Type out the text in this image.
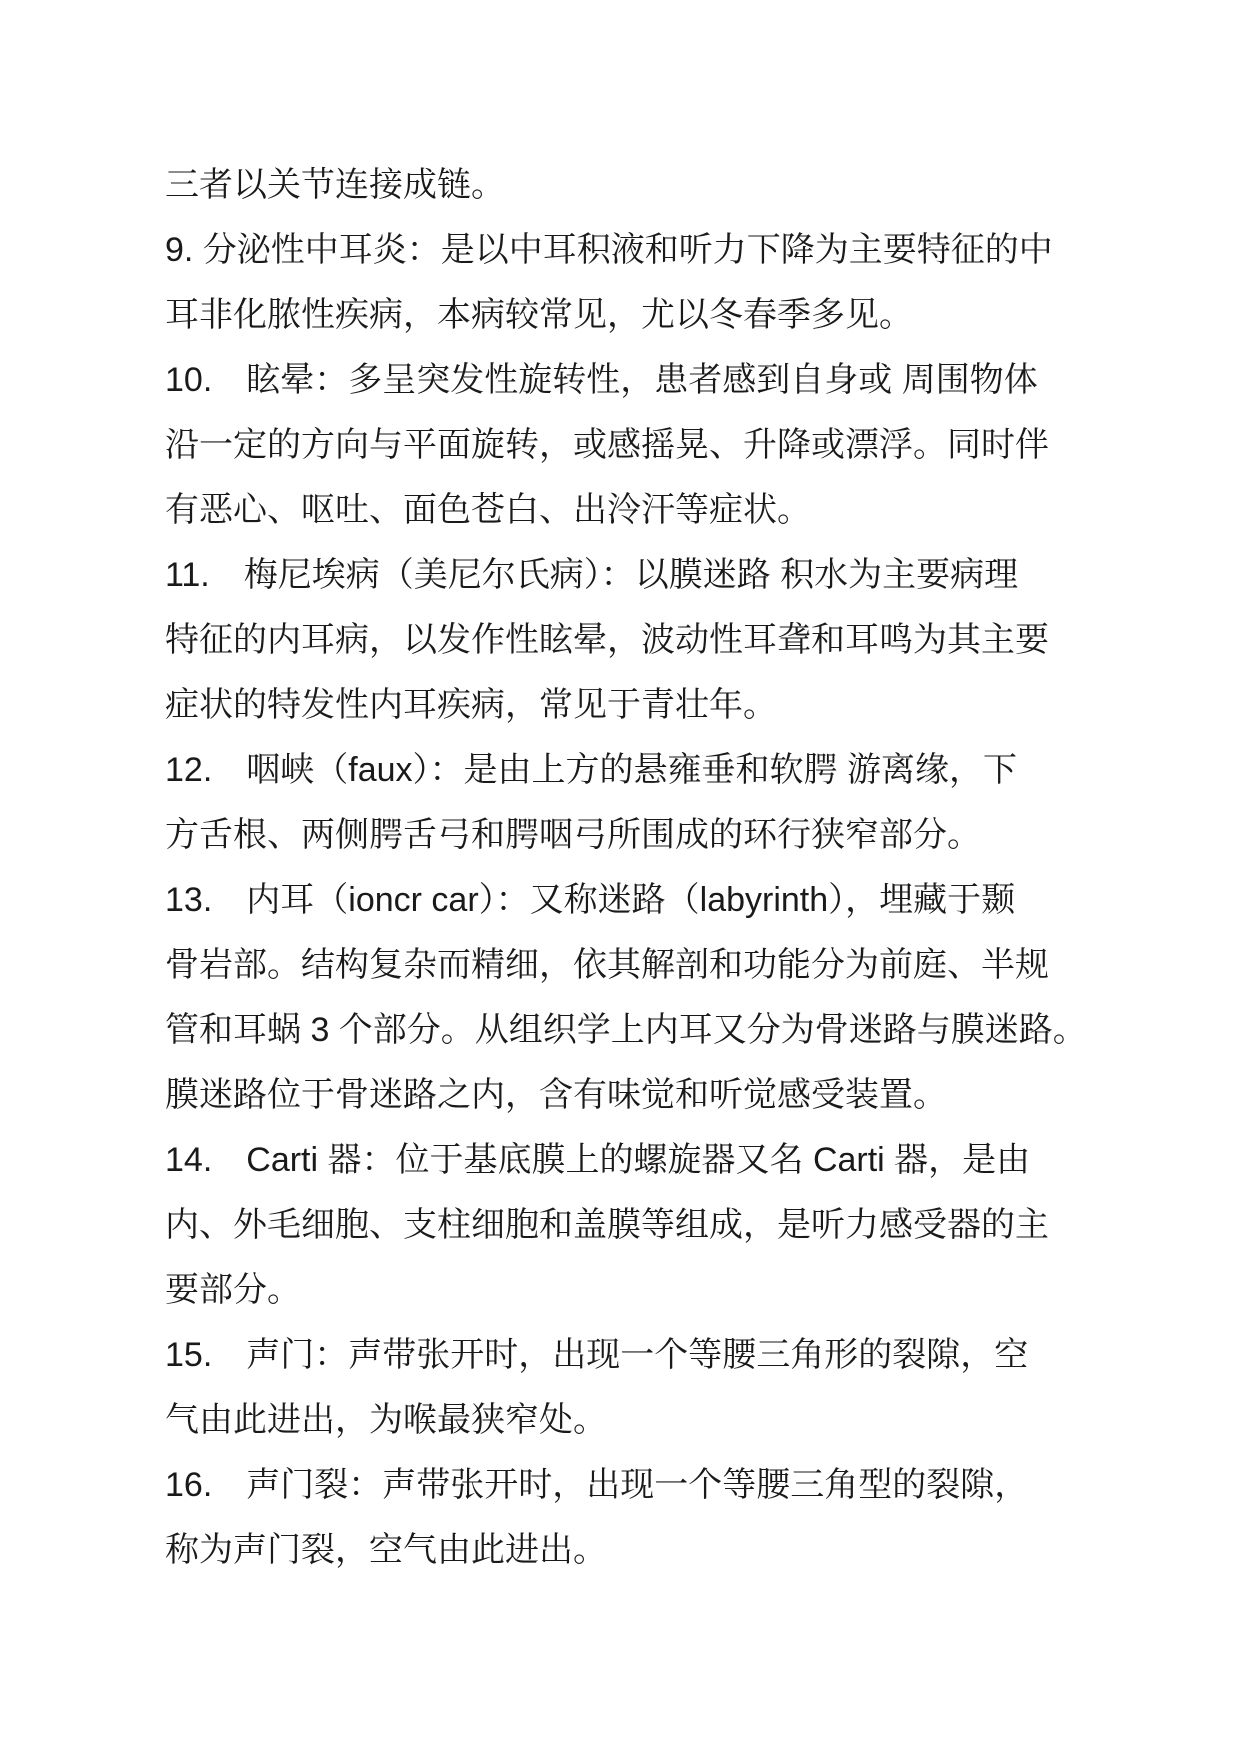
三者以关节连接成链。
9. 分泌性中耳炎：是以中耳积液和听力下降为主要特征的中
耳非化脓性疾病，本病较常见，尤以冬春季多见。
10.　眩晕：多呈突发性旋转性，患者感到自身或 周围物体
沿一定的方向与平面旋转，或感摇晃、升降或漂浮。同时伴
有恶心、呕吐、面色苍白、出泠汗等症状。
11.　梅尼埃病（美尼尔氏病）：以膜迷路 积水为主要病理
特征的内耳病，以发作性眩晕，波动性耳聋和耳鸣为其主要
症状的特发性内耳疾病，常见于青壮年。
12.　咽峡（faux）：是由上方的悬雍垂和软腭 游离缘，下
方舌根、两侧腭舌弓和腭咽弓所围成的环行狭窄部分。
13.　内耳（ioncr car）：又称迷路（labyrinth），埋藏于颞
骨岩部。结构复杂而精细，依其解剖和功能分为前庭、半规
管和耳蜗 3 个部分。从组织学上内耳又分为骨迷路与膜迷路。
膜迷路位于骨迷路之内，含有味觉和听觉感受装置。
14.　Carti 器：位于基底膜上的螺旋器又名 Carti 器，是由
内、外毛细胞、支柱细胞和盖膜等组成，是听力感受器的主
要部分。
15.　声门：声带张开时，出现一个等腰三角形的裂隙，空
气由此进出，为喉最狭窄处。
16.　声门裂：声带张开时，出现一个等腰三角型的裂隙，
称为声门裂，空气由此进出。
